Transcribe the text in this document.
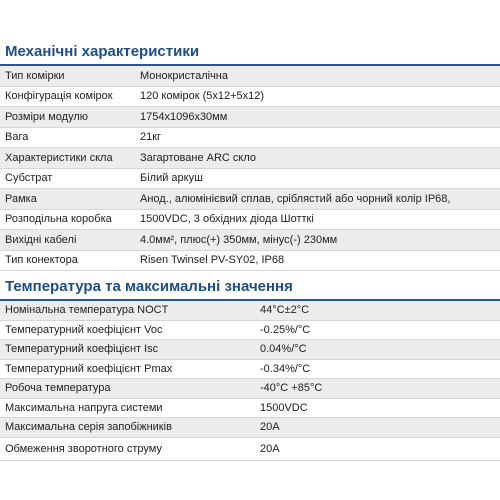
Механічні характеристики
Тип комірки	Монокристалічна
Конфігурація комірок	120 комірок (5x12+5x12)
Розміри модулю	1754x1096x30мм
Вага	21кг
Характеристики скла	Загартоване ARC скло
Субстрат	Білий аркуш
Рамка	Анод., алюмінієвий сплав, сріблястий або чорний колір IP68,
Розподільна коробка	1500VDC, 3 обхідних діода Шотткі
Вихідні кабелі	4.0мм², плюс(+) 350мм, мінус(-) 230мм
Тип конектора	Risen Twinsel PV-SY02, IP68
Температура та максимальні значення
Номінальна температура NOCT	44°C±2°C
Температурний коефіцієнт Voc	-0.25%/°C
Температурний коефіцієнт Isc	0.04%/°C
Температурний коефіцієнт Pmax	-0.34%/°C
Робоча температура	-40°C +85°C
Максимальна напруга системи	1500VDC
Максимальна серія запобіжників	20A
Обмеження зворотного струму	20A
